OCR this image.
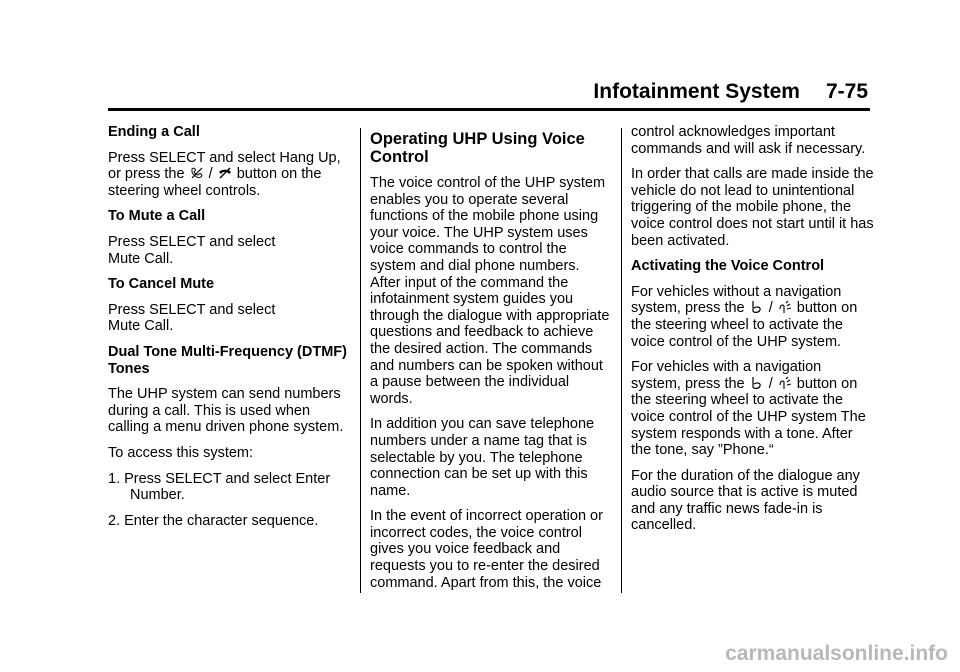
Infotainment System 7-75

Ending a Call

Press SELECT and select Hang Up,
or press the / button on the steering wheel controls.

To Mute a Call

Press SELECT and select
Mute Call.

To Cancel Mute

Press SELECT and select
Mute Call.

Dual Tone Multi-Frequency (DTMF) Tones

The UHP system can send numbers during a call. This is used when calling a menu driven phone system.

To access this system:

1. Press SELECT and select Enter Number.

2. Enter the character sequence.

Operating UHP Using Voice Control

The voice control of the UHP system enables you to operate several functions of the mobile phone using your voice. The UHP system uses voice commands to control the system and dial phone numbers. After input of the command the infotainment system guides you through the dialogue with appropriate questions and feedback to achieve the desired action. The commands and numbers can be spoken without a pause between the individual words.

In addition you can save telephone numbers under a name tag that is selectable by you. The telephone connection can be set up with this name.

In the event of incorrect operation or incorrect codes, the voice control gives you voice feedback and requests you to re-enter the desired command. Apart from this, the voice

control acknowledges important commands and will ask if necessary.

In order that calls are made inside the vehicle do not lead to unintentional triggering of the mobile phone, the voice control does not start until it has been activated.

Activating the Voice Control

For vehicles without a navigation
system, press the / button on the steering wheel to activate the voice control of the UHP system.

For vehicles with a navigation
system, press the / button on the steering wheel to activate the voice control of the UHP system The system responds with a tone. After the tone, say ”Phone.“

For the duration of the dialogue any audio source that is active is muted and any traffic news fade-in is cancelled.

carmanualsonline.info
